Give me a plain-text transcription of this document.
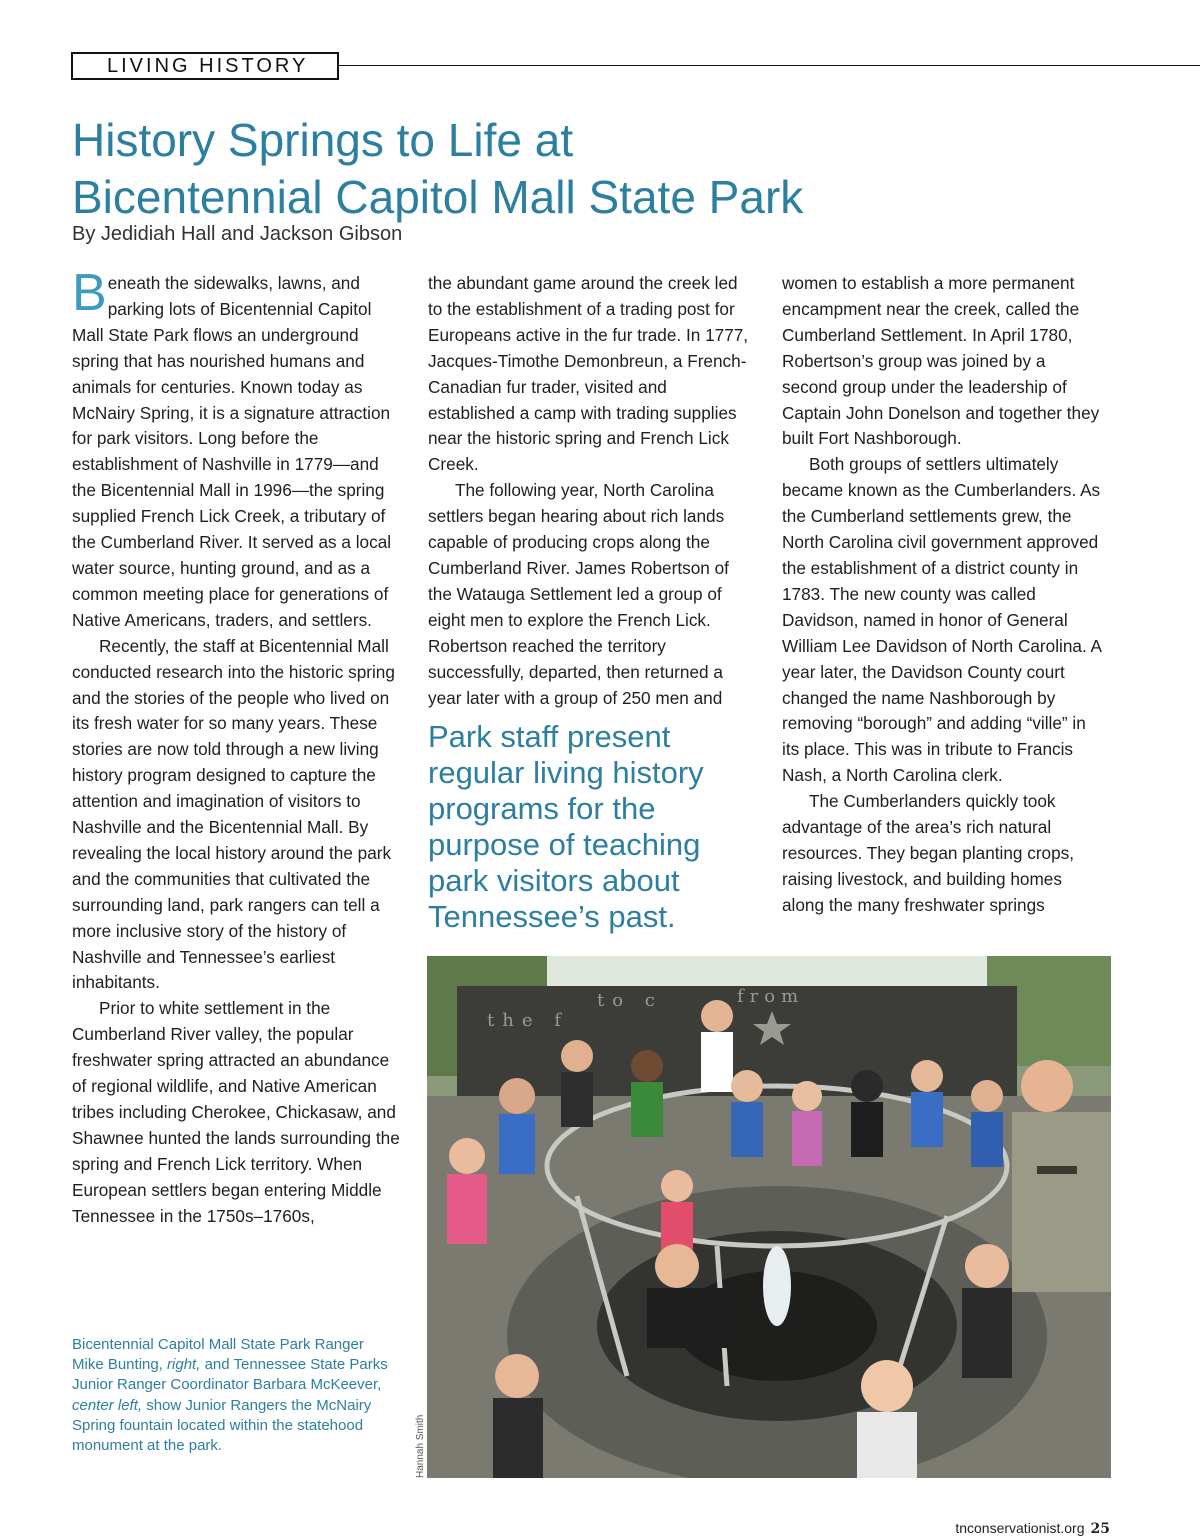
LIVING HISTORY
History Springs to Life at
Bicentennial Capitol Mall State Park
By Jedidiah Hall and Jackson Gibson

Beneath the sidewalks, lawns, and parking lots of Bicentennial Capitol Mall State Park flows an underground spring that has nourished humans and animals for centuries. Known today as McNairy Spring, it is a signature attraction for park visitors. Long before the establishment of Nashville in 1779—and the Bicentennial Mall in 1996—the spring supplied French Lick Creek, a tributary of the Cumberland River. It served as a local water source, hunting ground, and as a common meeting place for generations of Native Americans, traders, and settlers.

Recently, the staff at Bicentennial Mall conducted research into the historic spring and the stories of the people who lived on its fresh water for so many years. These stories are now told through a new living history program designed to capture the attention and imagination of visitors to Nashville and the Bicentennial Mall. By revealing the local history around the park and the communities that cultivated the surrounding land, park rangers can tell a more inclusive story of the history of Nashville and Tennessee’s earliest inhabitants.

Prior to white settlement in the Cumberland River valley, the popular freshwater spring attracted an abundance of regional wildlife, and Native American tribes including Cherokee, Chickasaw, and Shawnee hunted the lands surrounding the spring and French Lick territory. When European settlers began entering Middle Tennessee in the 1750s–1760s,

the abundant game around the creek led to the establishment of a trading post for Europeans active in the fur trade. In 1777, Jacques-Timothe Demonbreun, a French-Canadian fur trader, visited and established a camp with trading supplies near the historic spring and French Lick Creek.

The following year, North Carolina settlers began hearing about rich lands capable of producing crops along the Cumberland River. James Robertson of the Watauga Settlement led a group of eight men to explore the French Lick. Robertson reached the territory successfully, departed, then returned a year later with a group of 250 men and

Park staff present regular living history programs for the purpose of teaching park visitors about Tennessee’s past.

women to establish a more permanent encampment near the creek, called the Cumberland Settlement. In April 1780, Robertson’s group was joined by a second group under the leadership of Captain John Donelson and together they built Fort Nashborough.

Both groups of settlers ultimately became known as the Cumberlanders. As the Cumberland settlements grew, the North Carolina civil government approved the establishment of a district county in 1783. The new county was called Davidson, named in honor of General William Lee Davidson of North Carolina. A year later, the Davidson County court changed the name Nashborough by removing “borough” and adding “ville” in its place. This was in tribute to Francis Nash, a North Carolina clerk.

The Cumberlanders quickly took advantage of the area’s rich natural resources. They began planting crops, raising livestock, and building homes along the many freshwater springs

the f
to c	from
Hannah Smith
Bicentennial Capitol Mall State Park Ranger Mike Bunting, right, and Tennessee State Parks Junior Ranger Coordinator Barbara McKeever, center left, show Junior Rangers the McNairy Spring fountain located within the statehood monument at the park.
tnconservationist.org 25
